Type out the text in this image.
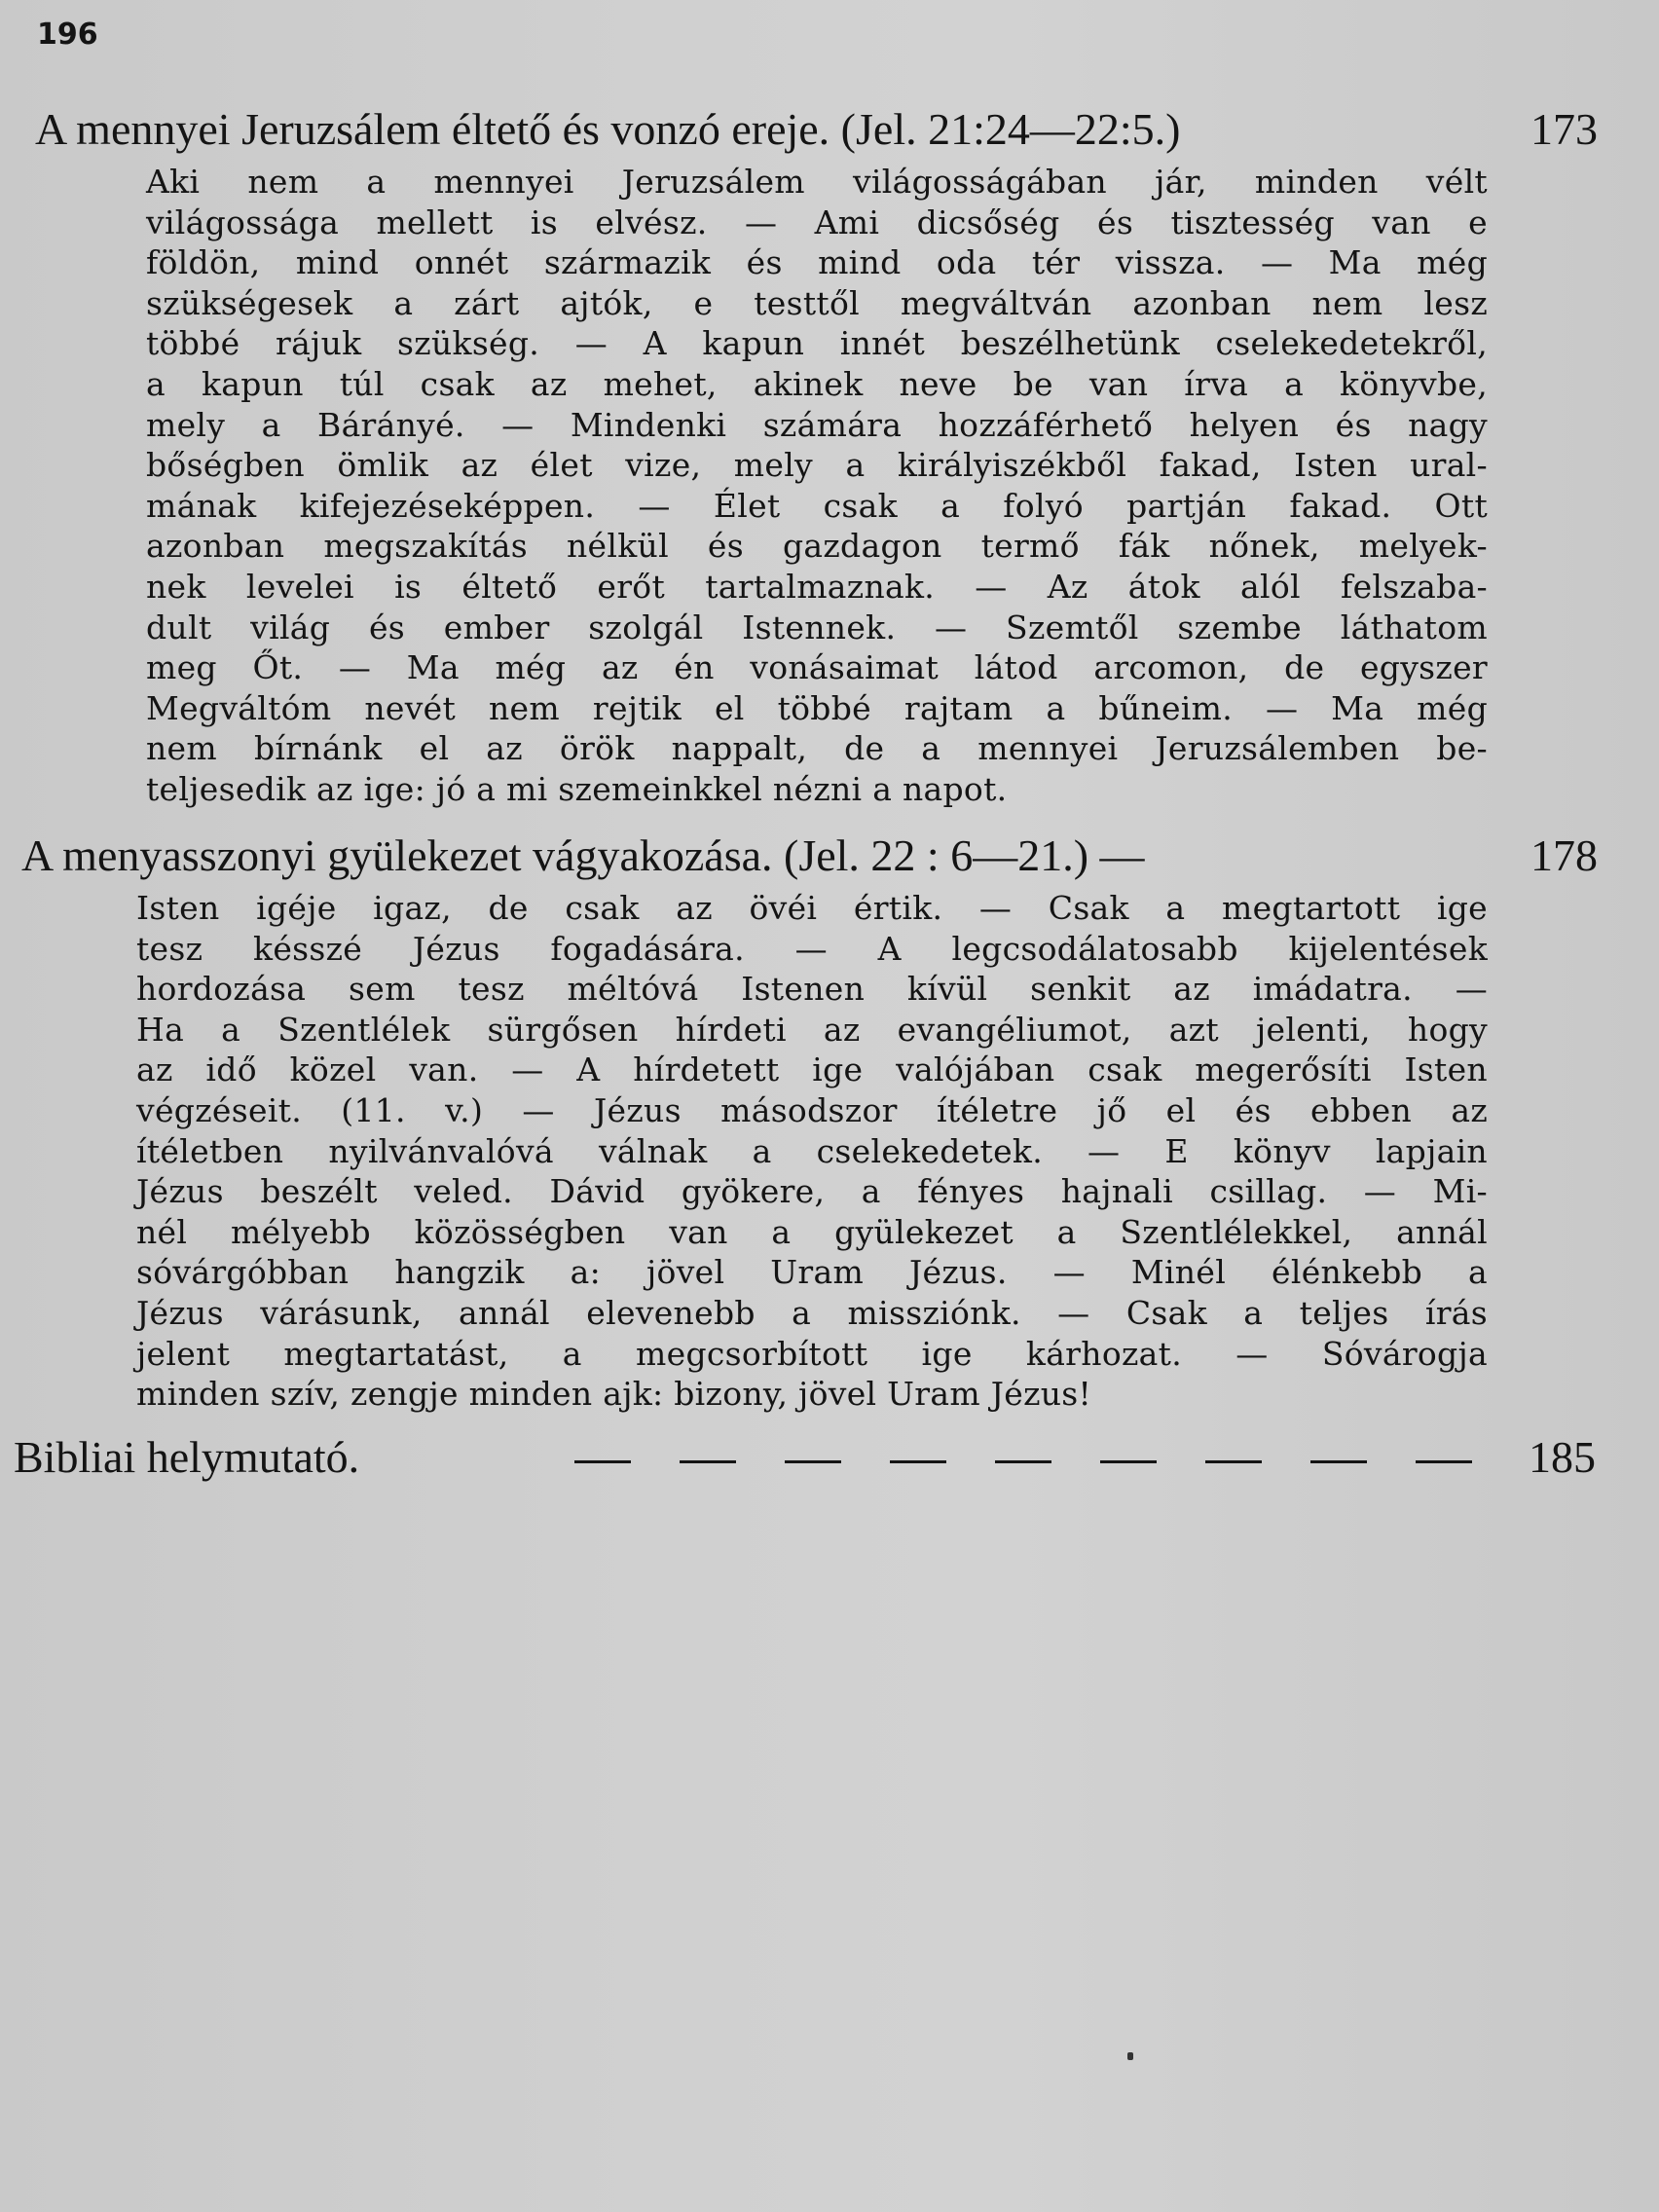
196
A mennyei Jeruzsálem éltető és vonzó ereje. (Jel. 21:24—22:5.)	173
Aki nem a mennyei Jeruzsálem világosságában jár, minden vélt
világossága mellett is elvész. — Ami dicsőség és tisztesség van e
földön, mind onnét származik és mind oda tér vissza. — Ma még
szükségesek a zárt ajtók, e testtől megváltván azonban nem lesz
többé rájuk szükség. — A kapun innét beszélhetünk cselekedetekről,
a kapun túl csak az mehet, akinek neve be van írva a könyvbe,
mely a Bárányé. — Mindenki számára hozzáférhető helyen és nagy
bőségben ömlik az élet vize, mely a királyiszékből fakad, Isten ural-
mának kifejezéseképpen. — Élet csak a folyó partján fakad. Ott
azonban megszakítás nélkül és gazdagon termő fák nőnek, melyek-
nek levelei is éltető erőt tartalmaznak. — Az átok alól felszaba-
dult világ és ember szolgál Istennek. — Szemtől szembe láthatom
meg Őt. — Ma még az én vonásaimat látod arcomon, de egyszer
Megváltóm nevét nem rejtik el többé rajtam a bűneim. — Ma még
nem bírnánk el az örök nappalt, de a mennyei Jeruzsálemben be-
teljesedik az ige: jó a mi szemeinkkel nézni a napot.
A menyasszonyi gyülekezet vágyakozása. (Jel. 22 : 6—21.) —	178
Isten igéje igaz, de csak az övéi értik. — Csak a megtartott ige
tesz késszé Jézus fogadására. — A legcsodálatosabb kijelentések
hordozása sem tesz méltóvá Istenen kívül senkit az imádatra. —
Ha a Szentlélek sürgősen hírdeti az evangéliumot, azt jelenti, hogy
az idő közel van. — A hírdetett ige valójában csak megerősíti Isten
végzéseit. (11. v.) — Jézus másodszor ítéletre jő el és ebben az
ítéletben nyilvánvalóvá válnak a cselekedetek. — E könyv lapjain
Jézus beszélt veled. Dávid gyökere, a fényes hajnali csillag. — Mi-
nél mélyebb közösségben van a gyülekezet a Szentlélekkel, annál
sóvárgóbban hangzik a: jövel Uram Jézus. — Minél élénkebb a
Jézus várásunk, annál elevenebb a missziónk. — Csak a teljes írás
jelent megtartatást, a megcsorbított ige kárhozat. — Sóvárogja
minden szív, zengje minden ajk: bizony, jövel Uram Jézus!
Bibliai helymutató.	185
